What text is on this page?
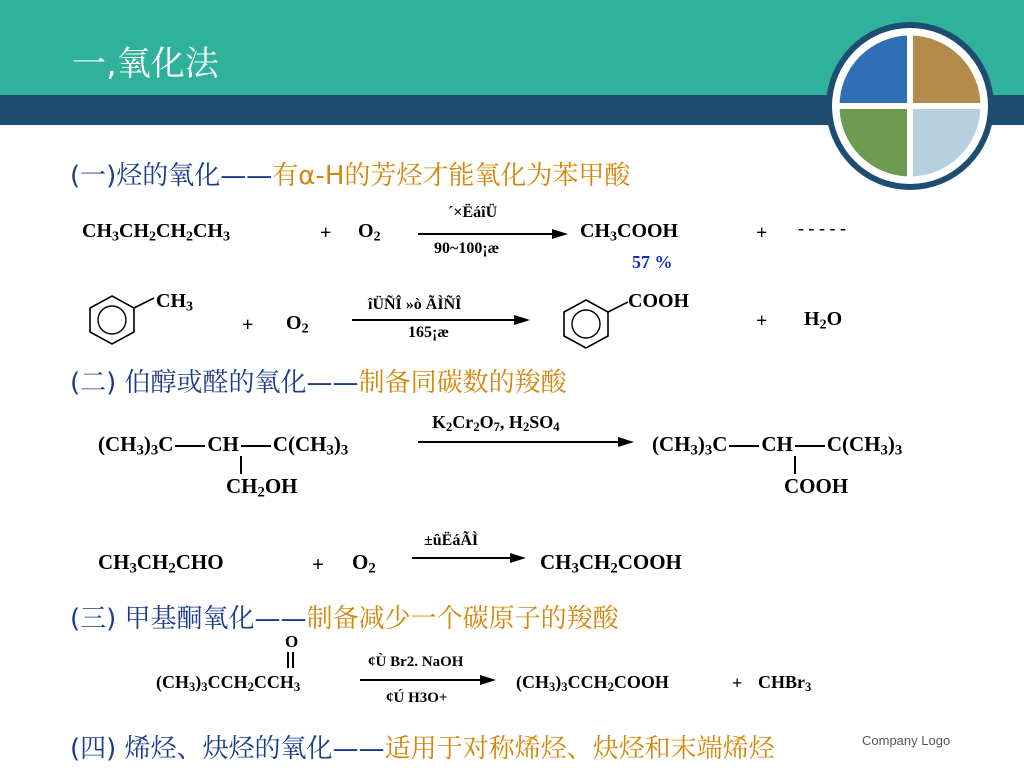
一,氧化法
(一)烃的氧化——有α-H的芳烃才能氧化为苯甲酸
$CH_3CH_2CH_2CH_3$	+ $O_2$
´×ËáîÜ
90~100¡æ
$CH_3COOH$	+ - - - - -
57 %
$CH_3$
+ $O_2$
îÜÑÎ »ò ÃÌÑÎ
165¡æ
COOH
+ $H_2O$
(二) 伯醇或醛的氧化——制备同碳数的羧酸
$(CH_3)_3C$ CH $C(CH_3)_3$
$CH_2OH$
$K_2Cr_2O_7$, $H_2SO_4$
$(CH_3)_3C$ CH $C(CH_3)_3$
COOH
±ûËáÃÌ
$CH_3CH_2CHO$	+ $O_2$	$CH_3CH_2COOH$
(三) 甲基酮氧化——制备减少一个碳原子的羧酸
O
$(CH_3)_3CCH_2CCH_3$
¢Ù Br2. NaOH
¢Ú H3O+
$(CH_3)_3CCH_2COOH$	+ CHBr$_3$
(四) 烯烃、炔烃的氧化——适用于对称烯烃、炔烃和末端烯烃	Company Logo
